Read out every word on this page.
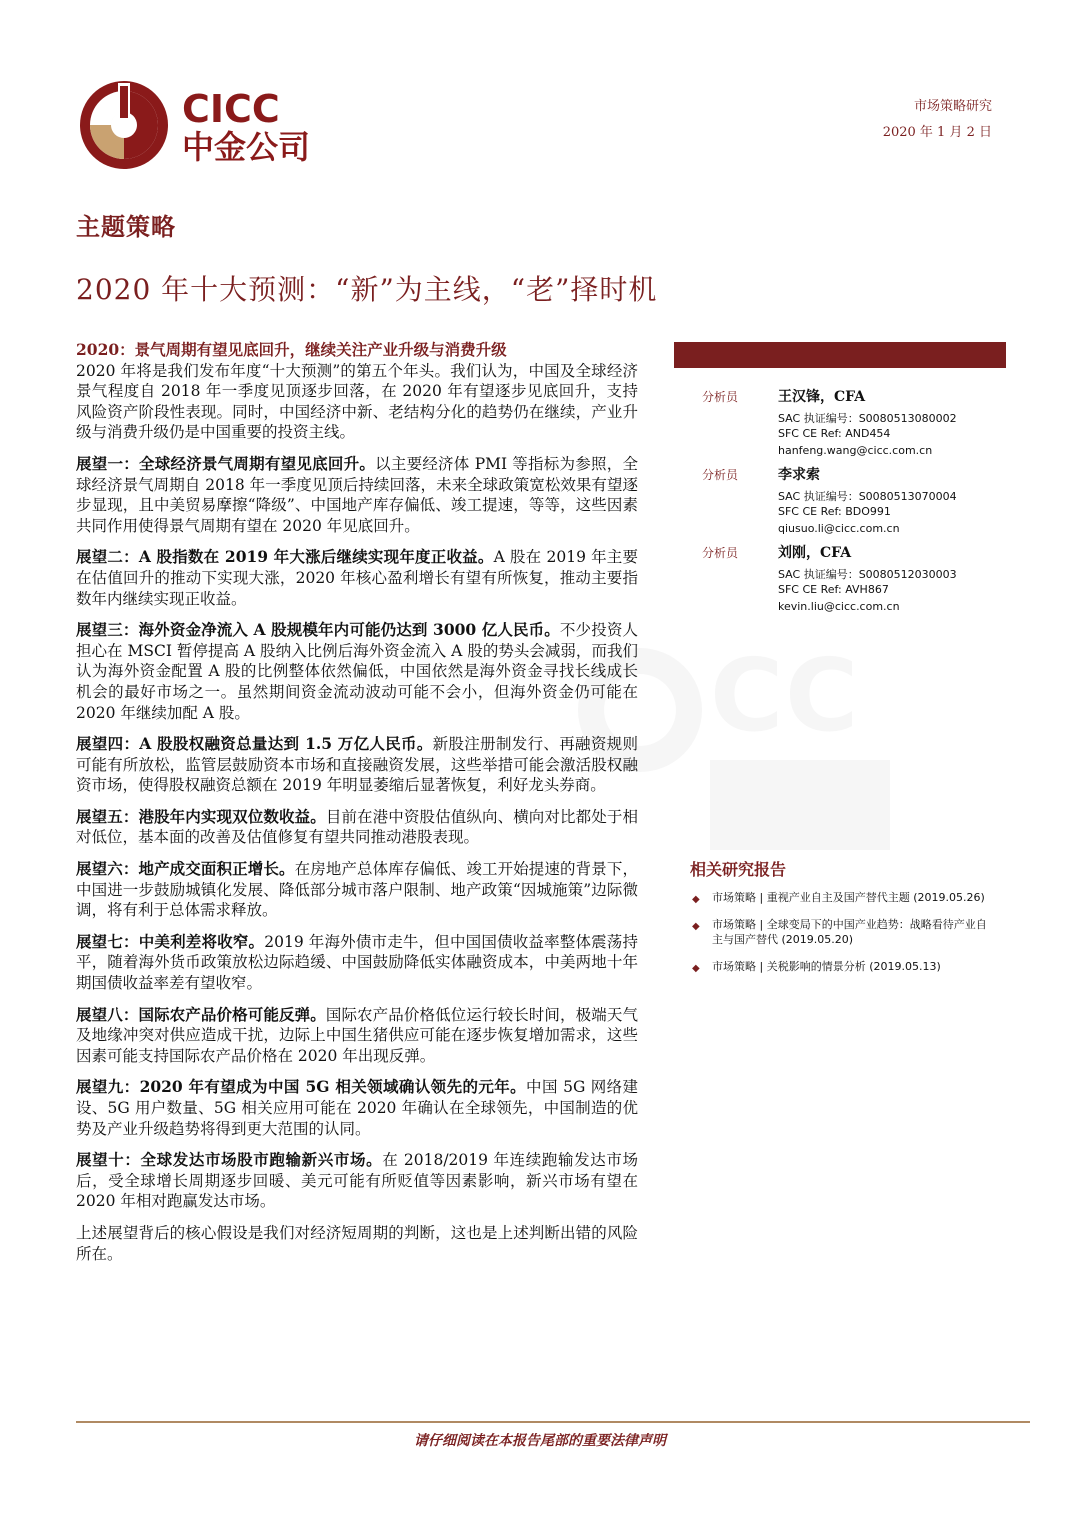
CICC
中金公司
市场策略研究
2020 年 1 月 2 日
主题策略
2020 年十大预测：“新”为主线，“老”择时机
C C
2020：景气周期有望见底回升，继续关注产业升级与消费升级

2020 年将是我们发布年度“十大预测”的第五个年头。我们认为，中国及全球经济景气程度自 2018 年一季度见顶逐步回落，在 2020 年有望逐步见底回升，支持风险资产阶段性表现。同时，中国经济中新、老结构分化的趋势仍在继续，产业升级与消费升级仍是中国重要的投资主线。

展望一：全球经济景气周期有望见底回升。以主要经济体 PMI 等指标为参照，全球经济景气周期自 2018 年一季度见顶后持续回落，未来全球政策宽松效果有望逐步显现，且中美贸易摩擦“降级”、中国地产库存偏低、竣工提速，等等，这些因素共同作用使得景气周期有望在 2020 年见底回升。

展望二：A 股指数在 2019 年大涨后继续实现年度正收益。A 股在 2019 年主要在估值回升的推动下实现大涨，2020 年核心盈利增长有望有所恢复，推动主要指数年内继续实现正收益。

展望三：海外资金净流入 A 股规模年内可能仍达到 3000 亿人民币。不少投资人担心在 MSCI 暂停提高 A 股纳入比例后海外资金流入 A 股的势头会减弱，而我们认为海外资金配置 A 股的比例整体依然偏低，中国依然是海外资金寻找长线成长机会的最好市场之一。虽然期间资金流动波动可能不会小，但海外资金仍可能在 2020 年继续加配 A 股。

展望四：A 股股权融资总量达到 1.5 万亿人民币。新股注册制发行、再融资规则可能有所放松，监管层鼓励资本市场和直接融资发展，这些举措可能会激活股权融资市场，使得股权融资总额在 2019 年明显萎缩后显著恢复，利好龙头券商。

展望五：港股年内实现双位数收益。目前在港中资股估值纵向、横向对比都处于相对低位，基本面的改善及估值修复有望共同推动港股表现。

展望六：地产成交面积正增长。在房地产总体库存偏低、竣工开始提速的背景下，中国进一步鼓励城镇化发展、降低部分城市落户限制、地产政策“因城施策”边际微调，将有利于总体需求释放。

展望七：中美利差将收窄。2019 年海外债市走牛，但中国国债收益率整体震荡持平，随着海外货币政策放松边际趋缓、中国鼓励降低实体融资成本，中美两地十年期国债收益率差有望收窄。

展望八：国际农产品价格可能反弹。国际农产品价格低位运行较长时间，极端天气及地缘冲突对供应造成干扰，边际上中国生猪供应可能在逐步恢复增加需求，这些因素可能支持国际农产品价格在 2020 年出现反弹。

展望九：2020 年有望成为中国 5G 相关领域确认领先的元年。中国 5G 网络建设、5G 用户数量、5G 相关应用可能在 2020 年确认在全球领先，中国制造的优势及产业升级趋势将得到更大范围的认同。

展望十：全球发达市场股市跑输新兴市场。在 2018/2019 年连续跑输发达市场后，受全球增长周期逐步回暖、美元可能有所贬值等因素影响，新兴市场有望在 2020 年相对跑赢发达市场。

上述展望背后的核心假设是我们对经济短周期的判断，这也是上述判断出错的风险所在。

分析员	王汉锋，CFA
SAC 执证编号：S0080513080002
SFC CE Ref: AND454
hanfeng.wang@cicc.com.cn
分析员	李求索
SAC 执证编号：S0080513070004
SFC CE Ref: BDO991
qiusuo.li@cicc.com.cn
分析员	刘刚，CFA
SAC 执证编号：S0080512030003
SFC CE Ref: AVH867
kevin.liu@cicc.com.cn
相关研究报告
◆ 市场策略 | 重视产业自主及国产替代主题 (2019.05.26)
◆ 市场策略 | 全球变局下的中国产业趋势：战略看待产业自主与国产替代 (2019.05.20)
◆ 市场策略 | 关税影响的情景分析 (2019.05.13)
请仔细阅读在本报告尾部的重要法律声明
